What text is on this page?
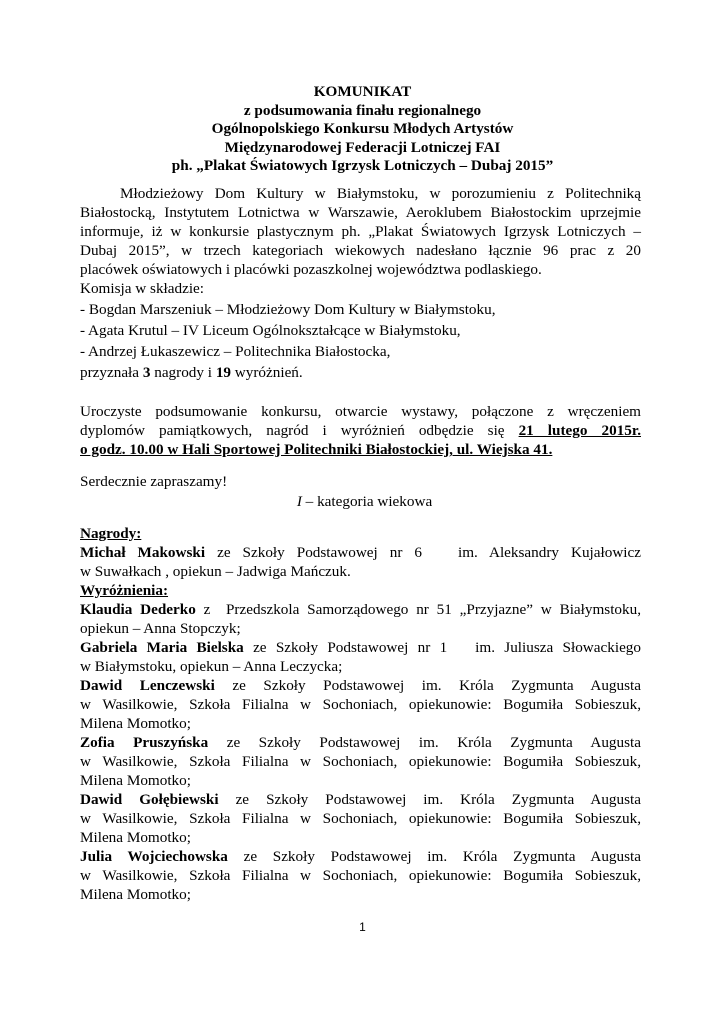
KOMUNIKAT
z podsumowania finału regionalnego
Ogólnopolskiego Konkursu Młodych Artystów
Międzynarodowej Federacji Lotniczej FAI
ph. „Plakat Światowych Igrzysk Lotniczych – Dubaj 2015”
Młodzieżowy Dom Kultury w Białymstoku, w porozumieniu z Politechniką
Białostocką, Instytutem Lotnictwa w Warszawie, Aeroklubem Białostockim uprzejmie
informuje, iż w konkursie plastycznym ph. „Plakat Światowych Igrzysk Lotniczych –
Dubaj 2015”, w trzech kategoriach wiekowych nadesłano łącznie 96 prac z 20
placówek oświatowych i placówki pozaszkolnej województwa podlaskiego.
Komisja w składzie:
- Bogdan Marszeniuk – Młodzieżowy Dom Kultury w Białymstoku,
- Agata Krutul – IV Liceum Ogólnokształcące w Białymstoku,
- Andrzej Łukaszewicz – Politechnika Białostocka,
przyznała 3 nagrody i 19 wyróżnień.
Uroczyste podsumowanie konkursu, otwarcie wystawy, połączone z wręczeniem
dyplomów pamiątkowych, nagród i wyróżnień odbędzie się 21 lutego 2015r.
o godz. 10.00 w Hali Sportowej Politechniki Białostockiej, ul. Wiejska 41.
Serdecznie zapraszamy!
I – kategoria wiekowa
Nagrody:
Michał Makowski ze Szkoły Podstawowej nr 6   im. Aleksandry Kujałowicz
w Suwałkach , opiekun – Jadwiga Mańczuk.
Wyróżnienia:
Klaudia Dederko z  Przedszkola Samorządowego nr 51 „Przyjazne” w Białymstoku,
opiekun – Anna Stopczyk;
Gabriela Maria Bielska ze Szkoły Podstawowej nr 1   im. Juliusza Słowackiego
w Białymstoku, opiekun – Anna Leczycka;
Dawid Lenczewski ze Szkoły Podstawowej im. Króla Zygmunta Augusta
w Wasilkowie, Szkoła Filialna w Sochoniach, opiekunowie: Bogumiła Sobieszuk,
Milena Momotko;
Zofia Pruszyńska ze Szkoły Podstawowej im. Króla Zygmunta Augusta
w Wasilkowie, Szkoła Filialna w Sochoniach, opiekunowie: Bogumiła Sobieszuk,
Milena Momotko;
Dawid Gołębiewski ze Szkoły Podstawowej im. Króla Zygmunta Augusta
w Wasilkowie, Szkoła Filialna w Sochoniach, opiekunowie: Bogumiła Sobieszuk,
Milena Momotko;
Julia Wojciechowska ze Szkoły Podstawowej im. Króla Zygmunta Augusta
w Wasilkowie, Szkoła Filialna w Sochoniach, opiekunowie: Bogumiła Sobieszuk,
Milena Momotko;
1
